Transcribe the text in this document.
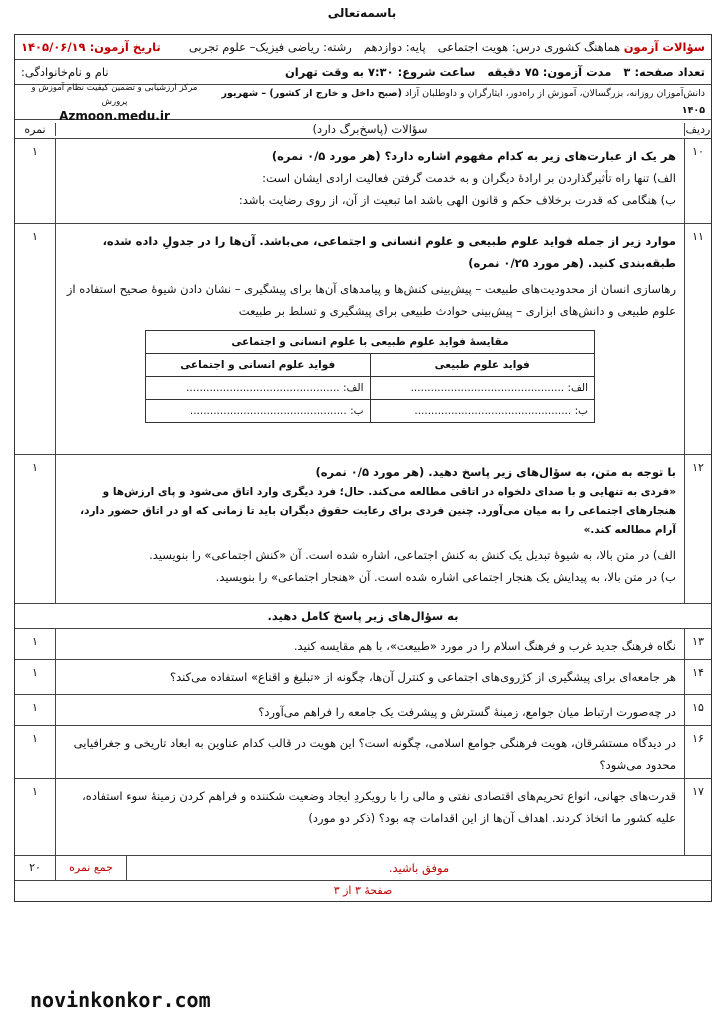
باسمه‌تعالی
سؤالات آزمون هماهنگ کشوری درس: هویت اجتماعی
پایه: دوازدهم
رشته: ریاضی فیزیک– علوم تجربی
تاریخ آزمون: ۱۴۰۵/۰۶/۱۹
تعداد صفحه: ۳
مدت آزمون: ۷۵ دقیقه
ساعت شروع: ۷:۳۰ به وقت تهران
نام و نام‌خانوادگی:
دانش‌آموزان روزانه، بزرگسالان، آموزش از راه‌دور، ایثارگران و داوطلبان آزاد (صبح داخل و خارج از کشور) – شهریور ۱۴۰۵
مرکز ارزشیابی و تضمین کیفیت نظام آموزش و پرورش
Azmoon.medu.ir
ردیف
سؤالات (پاسخ‌برگ دارد)
نمره
۱۰
هر یک از عبارت‌های زیر به کدام مفهوم اشاره دارد؟ (هر مورد ۰/۵ نمره)
الف) تنها راه تأثیرگذاردن بر ارادهٔ دیگران و به خدمت گرفتن فعالیت ارادی ایشان است:
ب) هنگامی که قدرت برخلاف حکم و قانون الهی باشد اما تبعیت از آن، از روی رضایت باشد:
۱
۱۱
موارد زیر از جمله فواید علوم طبیعی و علوم انسانی و اجتماعی، می‌باشد. آن‌ها را در جدولِ داده شده، طبقه‌بندی کنید. (هر مورد ۰/۲۵ نمره)
رهاسازی انسان از محدودیت‌های طبیعت – پیش‌بینی کنش‌ها و پیامدهای آن‌ها برای پیشگیری – نشان دادن شیوهٔ صحیح استفاده از علوم طبیعی و دانش‌های ابزاری – پیش‌بینی حوادث طبیعی برای پیشگیری و تسلط بر طبیعت
مقایسهٔ فواید علوم طبیعی با علوم انسانی و اجتماعی	
فواید علوم طبیعی	فواید علوم انسانی و اجتماعی
الف: ..............................................	الف: ..............................................
ب: ...............................................	ب: ...............................................
۱
۱۲
با توجه به متن، به سؤال‌های زیر پاسخ دهید. (هر مورد ۰/۵ نمره)
«فردی به تنهایی و با صدای دلخواه در اتاقی مطالعه می‌کند. حال؛ فرد دیگری وارد اتاق می‌شود و پای ارزش‌ها و هنجارهای اجتماعی را به میان می‌آورد. چنین فردی برای رعایت حقوق دیگران باید تا زمانی که او در اتاق حضور دارد، آرام مطالعه کند.»
الف) در متن بالا، به شیوهٔ تبدیل یک کنش به کنش اجتماعی، اشاره شده است. آن «کنش اجتماعی» را بنویسید.
ب) در متن بالا، به پیدایش یک هنجار اجتماعی اشاره شده است. آن «هنجار اجتماعی» را بنویسید.
۱
به سؤال‌های زیر پاسخ کامل دهید.
۱۳
نگاه فرهنگ جدید غرب و فرهنگ اسلام را در مورد «طبیعت»، با هم مقایسه کنید.
۱
۱۴
هر جامعه‌ای برای پیشگیری از کژروی‌های اجتماعی و کنترل آن‌ها، چگونه از «تبلیغ و اقناع» استفاده می‌کند؟
۱
۱۵
در چه‌صورت ارتباط میان جوامع، زمینهٔ گسترش و پیشرفت یک جامعه را فراهم می‌آورد؟
۱
۱۶
در دیدگاه مستشرقان، هویت فرهنگی جوامع اسلامی، چگونه است؟ این هویت در قالب کدام عناوین به ابعاد تاریخی و جغرافیایی محدود می‌شود؟
۱
۱۷
قدرت‌های جهانی، انواع تحریم‌های اقتصادی نفتی و مالی را با رویکردِ ایجاد وضعیت شکننده و فراهم کردن زمینهٔ سوء استفاده، علیه کشور ما اتخاذ کردند. اهداف آن‌ها از این اقدامات چه بود؟ (ذکر دو مورد)
۱
موفق باشید.
جمع نمره
۲۰
صفحهٔ ۳ از ۳
novinkonkor.com
